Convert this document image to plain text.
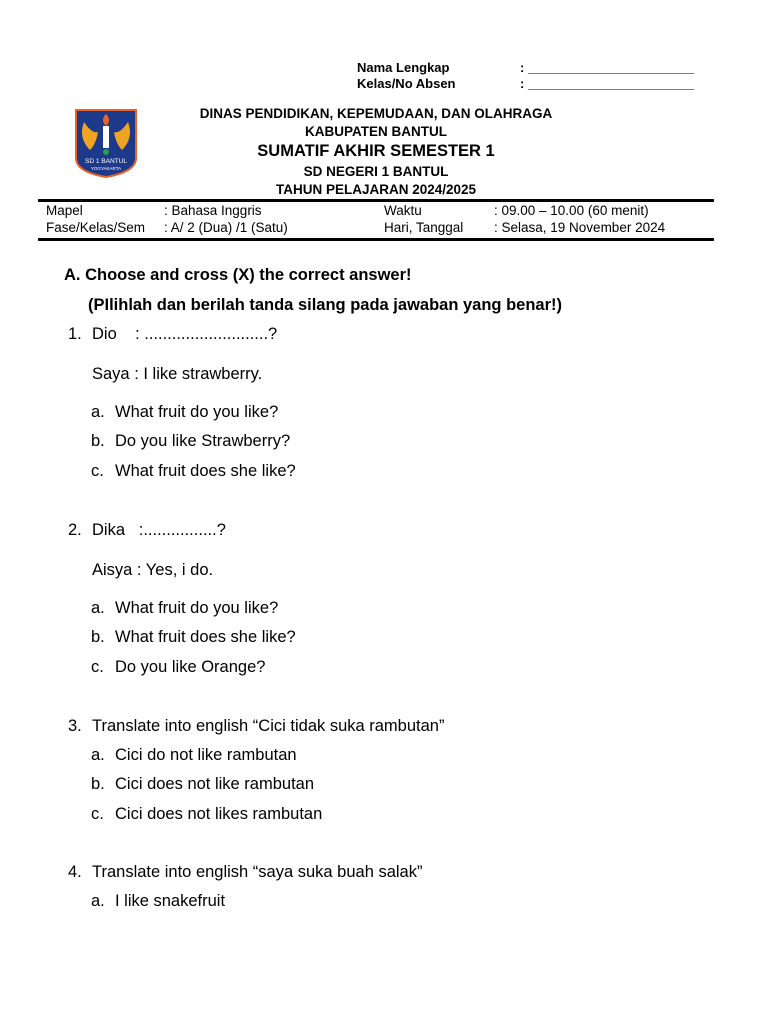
Nama Lengkap	: _______________________
Kelas/No Absen	: _______________________
SD 1 BANTUL
YOGYAKARTA
DINAS PENDIDIKAN, KEPEMUDAAN, DAN OLAHRAGA
KABUPATEN BANTUL
SUMATIF AKHIR SEMESTER 1
SD NEGERI 1 BANTUL
TAHUN PELAJARAN 2024/2025
Mapel	: Bahasa Inggris	Waktu	: 09.00 – 10.00 (60 menit)
Fase/Kelas/Sem : A/ 2 (Dua) /1 (Satu)	Hari, Tanggal : Selasa, 19 November 2024
A. Choose and cross (X) the correct answer!
(PIlihlah dan berilah tanda silang pada jawaban yang benar!)
1. Dio    : ...........................?
Saya : I like strawberry.
a. What fruit do you like?
b. Do you like Strawberry?
c. What fruit does she like?
2. Dika   :................?
Aisya : Yes, i do.
a. What fruit do you like?
b. What fruit does she like?
c. Do you like Orange?
3. Translate into english “Cici tidak suka rambutan”
a. Cici do not like rambutan
b. Cici does not like rambutan
c. Cici does not likes rambutan
4. Translate into english “saya suka buah salak”
a. I like snakefruit
